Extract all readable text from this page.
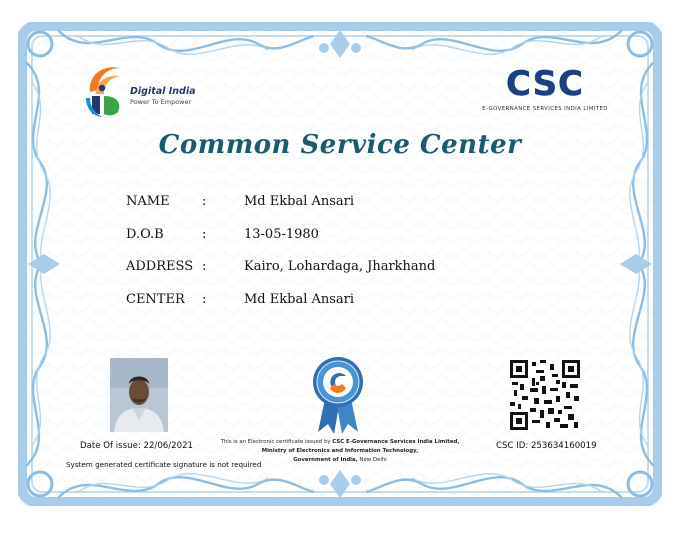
Digital India
Power To Empower	CSC
E-GOVERNANCE SERVICES INDIA LIMITED
Common Service Center
NAME :	Md Ekbal Ansari
D.O.B	:	13-05-1980
ADDRESS :	Kairo, Lohardaga, Jharkhand
CENTER :	Md Ekbal Ansari
Date Of issue: 22/06/2021
System generated certificate signature is not required
This is an Electronic certificate issued by CSC E-Governance Services India Limited,
Ministry of Electronics and Information Technology,
Government of India, New Delhi
CSC ID: 253634160019
